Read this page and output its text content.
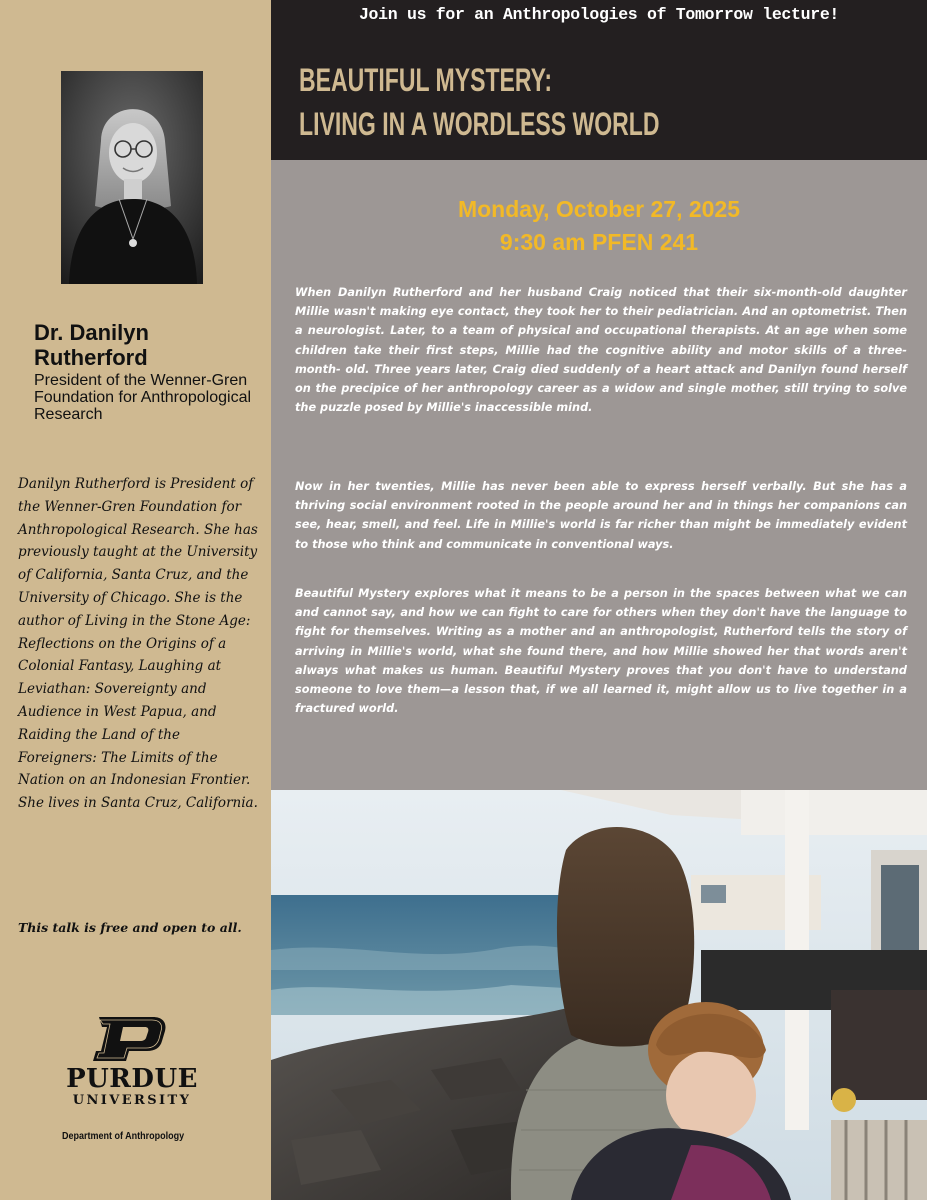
Dr. Danilyn Rutherford

President of the Wenner-Gren Foundation for Anthropological Research

Danilyn Rutherford is President of the Wenner-Gren Foundation for Anthropological Research. She has previously taught at the University of California, Santa Cruz, and the University of Chicago. She is the author of Living in the Stone Age: Reflections on the Origins of a Colonial Fantasy, Laughing at Leviathan: Sovereignty and Audience in West Papua, and Raiding the Land of the Foreigners: The Limits of the Nation on an Indonesian Frontier. She lives in Santa Cruz, California.

This talk is free and open to all.

PURDUE
UNIVERSITY
Department of Anthropology
Join us for an Anthropologies of Tomorrow lecture!
BEAUTIFUL MYSTERY:
LIVING IN A WORDLESS WORLD
Monday, October 27, 2025
9:30 am PFEN 241

When Danilyn Rutherford and her husband Craig noticed that their six-month-old daughter Millie wasn't making eye contact, they took her to their pediatrician. And an optometrist. Then a neurologist. Later, to a team of physical and occupational therapists. At an age when some children take their first steps, Millie had the cognitive ability and motor skills of a three-month- old. Three years later, Craig died suddenly of a heart attack and Danilyn found herself on the precipice of her anthropology career as a widow and single mother, still trying to solve the puzzle posed by Millie's inaccessible mind.

Now in her twenties, Millie has never been able to express herself verbally. But she has a thriving social environment rooted in the people around her and in things her companions can see, hear, smell, and feel. Life in Millie's world is far richer than might be immediately evident to those who think and communicate in conventional ways.

Beautiful Mystery explores what it means to be a person in the spaces between what we can and cannot say, and how we can fight to care for others when they don't have the language to fight for themselves. Writing as a mother and an anthropologist, Rutherford tells the story of arriving in Millie's world, what she found there, and how Millie showed her that words aren't always what makes us human. Beautiful Mystery proves that you don't have to understand someone to love them—a lesson that, if we all learned it, might allow us to live together in a fractured world.
